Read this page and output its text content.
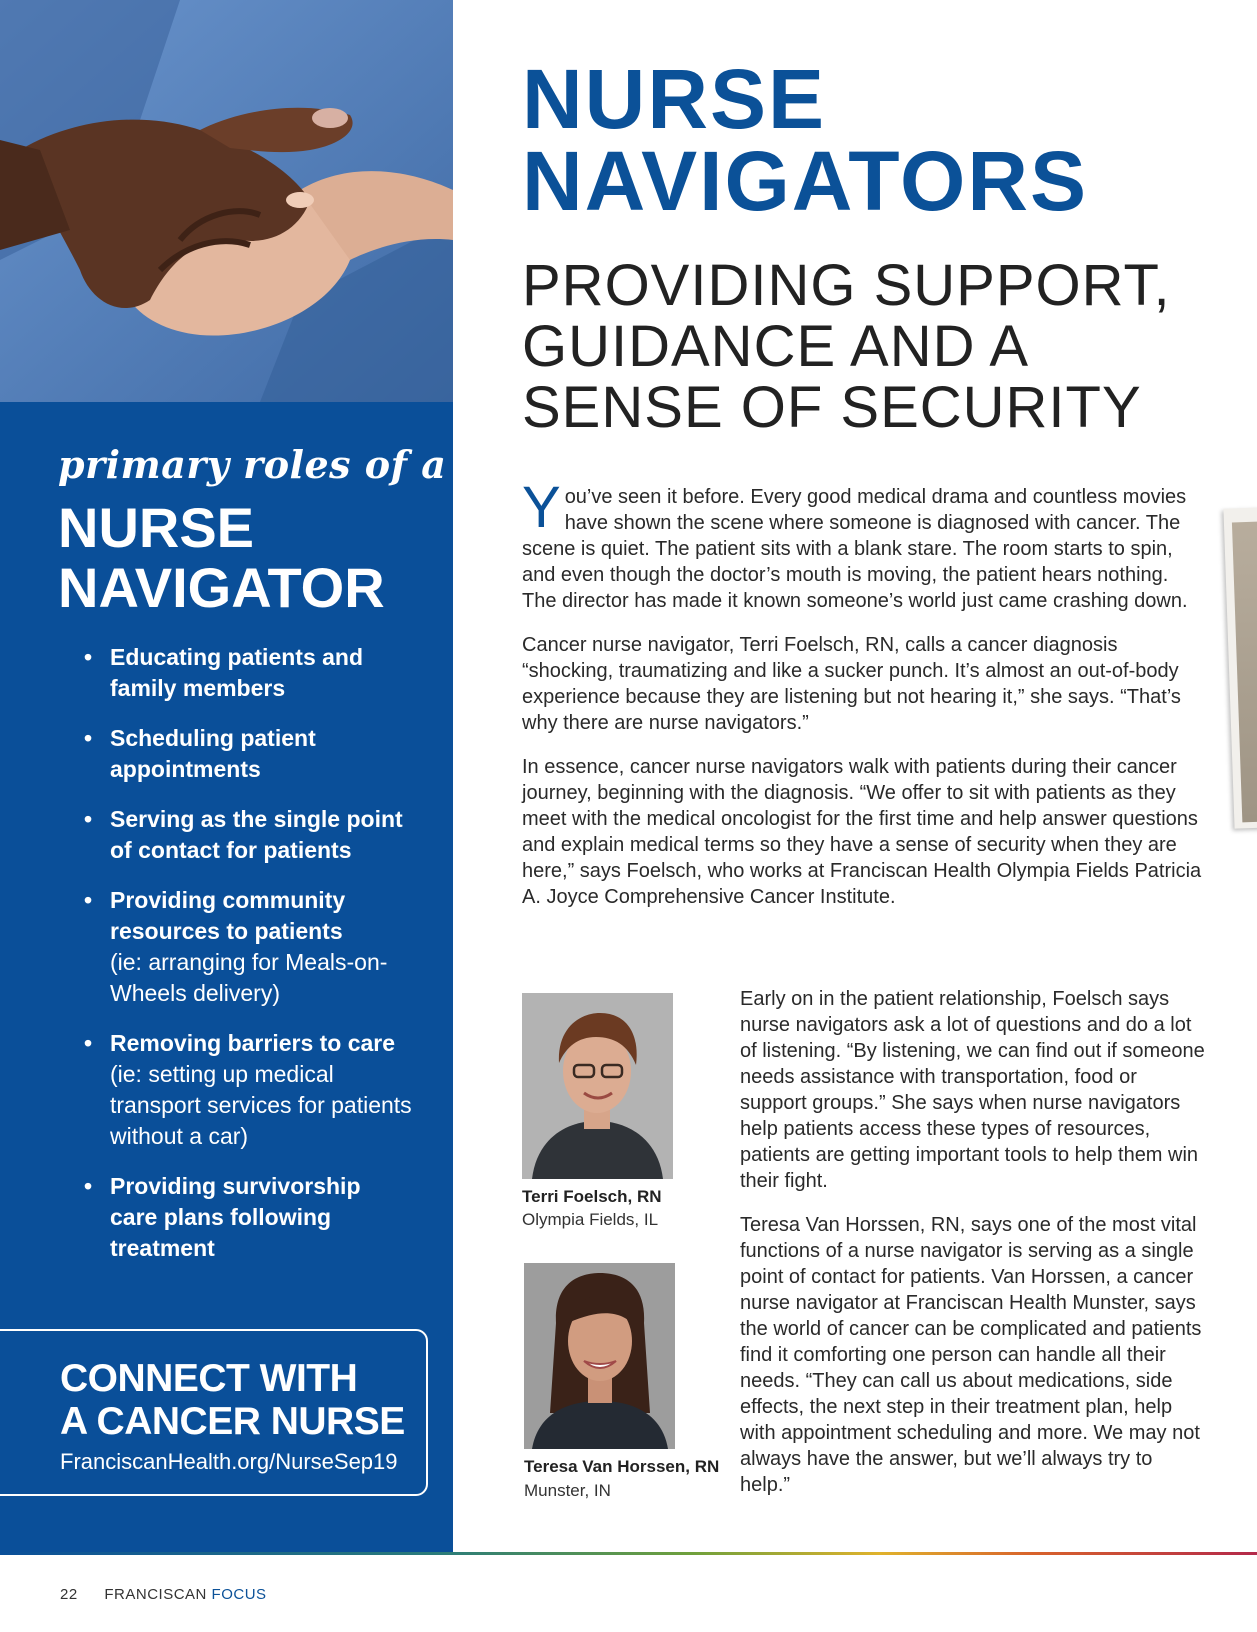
primary roles of a
NURSE
NAVIGATOR
• Educating patients and family members
• Scheduling patient appointments
• Serving as the single point of contact for patients
• Providing community resources to patients
(ie: arranging for Meals-on-Wheels delivery)
• Removing barriers to care
(ie: setting up medical transport services for patients without a car)
• Providing survivorship care plans following treatment
CONNECT WITH
A CANCER NURSE
FranciscanHealth.org/NurseSep19
NURSE
NAVIGATORS
PROVIDING SUPPORT,
GUIDANCE AND A
SENSE OF SECURITY

You’ve seen it before. Every good medical drama and countless movies have shown the scene where someone is diagnosed with cancer. The scene is quiet. The patient sits with a blank stare. The room starts to spin, and even though the doctor’s mouth is moving, the patient hears nothing. The director has made it known someone’s world just came crashing down.

Cancer nurse navigator, Terri Foelsch, RN, calls a cancer diagnosis “shocking, traumatizing and like a sucker punch. It’s almost an out-of-body experience because they are listening but not hearing it,” she says. “That’s why there are nurse navigators.”

In essence, cancer nurse navigators walk with patients during their cancer journey, beginning with the diagnosis. “We offer to sit with patients as they meet with the medical oncologist for the first time and help answer questions and explain medical terms so they have a sense of security when they are here,” says Foelsch, who works at Franciscan Health Olympia Fields Patricia A. Joyce Comprehensive Cancer Institute.

Terri Foelsch, RN
Olympia Fields, IL
Teresa Van Horssen, RN
Munster, IN

Early on in the patient relationship, Foelsch says nurse navigators ask a lot of questions and do a lot of listening. “By listening, we can find out if someone needs assistance with transportation, food or support groups.” She says when nurse navigators help patients access these types of resources, patients are getting important tools to help them win their fight.

Teresa Van Horssen, RN, says one of the most vital functions of a nurse navigator is serving as a single point of contact for patients. Van Horssen, a cancer nurse navigator at Franciscan Health Munster, says the world of cancer can be complicated and patients find it comforting one person can handle all their needs. “They can call us about medications, side effects, the next step in their treatment plan, help with appointment scheduling and more. We may not always have the answer, but we’ll always try to help.”

22 FRANCISCAN FOCUS
